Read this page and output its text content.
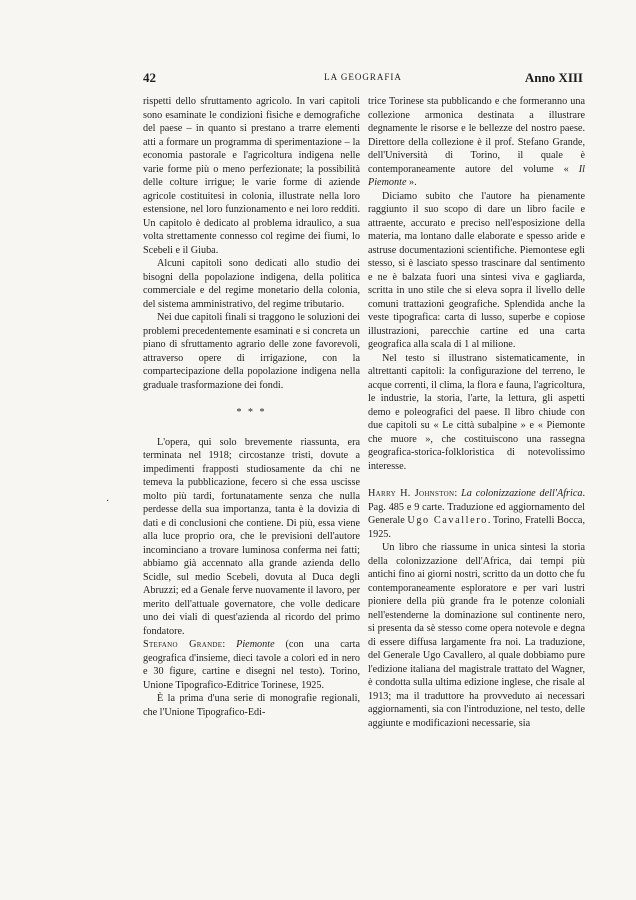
42	LA GEOGRAFIA	Anno XIII
·

rispetti dello sfruttamento agricolo. In vari capitoli sono esaminate le condizioni fisiche e demografiche del paese – in quanto si prestano a trarre elementi atti a formare un programma di sperimentazione – la economia pastorale e l'agricoltura indigena nelle varie forme più o meno perfezionate; la possibilità delle colture irrigue; le varie forme di aziende agricole costituitesi in colonia, illustrate nella loro estensione, nel loro funzionamento e nei loro redditi. Un capitolo è dedicato al problema idraulico, a sua volta strettamente connesso col regime dei fiumi, lo Scebeli e il Giuba.

Alcuni capitoli sono dedicati allo studio dei bisogni della popolazione indigena, della politica commerciale e del regime monetario della colonia, del sistema amministrativo, del regime tributario.

Nei due capitoli finali si traggono le soluzioni dei problemi precedentemente esaminati e si concreta un piano di sfruttamento agrario delle zone favorevoli, attraverso opere di irrigazione, con la compartecipazione della popolazione indigena nella graduale trasformazione dei fondi.

* * *

L'opera, qui solo brevemente riassunta, era terminata nel 1918; circostanze tristi, dovute a impedimenti frapposti studiosamente da chi ne temeva la pubblicazione, fecero sì che essa uscisse molto più tardi, fortunatamente senza che nulla perdesse della sua importanza, tanta è la dovizia di dati e di conclusioni che contiene. Di più, essa viene alla luce proprio ora, che le previsioni dell'autore incominciano a trovare luminosa conferma nei fatti; abbiamo già accennato alla grande azienda dello Scidle, sul medio Scebeli, dovuta al Duca degli Abruzzi; ed a Genale ferve nuovamente il lavoro, per merito dell'attuale governatore, che volle dedicare uno dei viali di quest'azienda al ricordo del primo fondatore.

Stefano Grande: Piemonte (con una carta geografica d'insieme, dieci tavole a colori ed in nero e 30 figure, cartine e disegni nel testo). Torino, Unione Tipografico-Editrice Torinese, 1925.

È la prima d'una serie di monografie regionali, che l'Unione Tipografico-Edi-

trice Torinese sta pubblicando e che formeranno una collezione armonica destinata a illustrare degnamente le risorse e le bellezze del nostro paese. Direttore della collezione è il prof. Stefano Grande, dell'Università di Torino, il quale è contemporaneamente autore del volume « Il Piemonte ».

Diciamo subito che l'autore ha pienamente raggiunto il suo scopo di dare un libro facile e attraente, accurato e preciso nell'esposizione della materia, ma lontano dalle elaborate e spesso aride e astruse documentazioni scientifiche. Piemontese egli stesso, si è lasciato spesso trascinare dal sentimento e ne è balzata fuori una sintesi viva e gagliarda, scritta in uno stile che si eleva sopra il livello delle comuni trattazioni geografiche. Splendida anche la veste tipografica: carta di lusso, superbe e copiose illustrazioni, parecchie cartine ed una carta geografica alla scala di 1 al milione.

Nel testo si illustrano sistematicamente, in altrettanti capitoli: la configurazione del terreno, le acque correnti, il clima, la flora e fauna, l'agricoltura, le industrie, la storia, l'arte, la lettura, gli aspetti demo e poleografici del paese. Il libro chiude con due capitoli su « Le città subalpine » e « Piemonte che muore », che costituiscono una rassegna geografica-storica-folkloristica di notevolissimo interesse.

Harry H. Johnston: La colonizzazione dell'Africa. Pag. 485 e 9 carte. Traduzione ed aggiornamento del Generale Ugo Cavallero. Torino, Fratelli Bocca, 1925.

Un libro che riassume in unica sintesi la storia della colonizzazione dell'Africa, dai tempi più antichi fino ai giorni nostri, scritto da un dotto che fu contemporaneamente esploratore e per vari lustri pioniere della più grande fra le potenze coloniali nell'estenderne la dominazione sul continente nero, si presenta da sè stesso come opera notevole e degna di essere diffusa largamente fra noi. La traduzione, del Generale Ugo Cavallero, al quale dobbiamo pure l'edizione italiana del magistrale trattato del Wagner, è condotta sulla ultima edizione inglese, che risale al 1913; ma il traduttore ha provveduto ai necessari aggiornamenti, sia con l'introduzione, nel testo, delle aggiunte e modificazioni necessarie, sia
